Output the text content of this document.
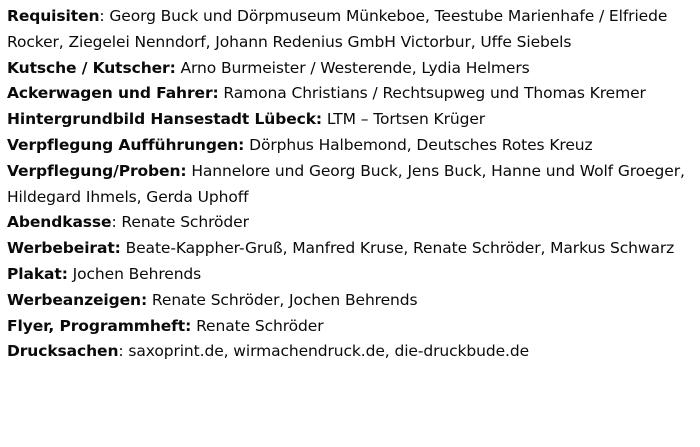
Requisiten: Georg Buck und Dörpmuseum Münkeboe, Teestube Marienhafe / Elfriede Rocker, Ziegelei Nenndorf, Johann Redenius GmbH Victorbur, Uffe Siebels

Kutsche / Kutscher: Arno Burmeister / Westerende, Lydia Helmers

Ackerwagen und Fahrer: Ramona Christians / Rechtsupweg und Thomas Kremer

Hintergrundbild Hansestadt Lübeck: LTM – Tortsen Krüger

Verpflegung Aufführungen: Dörphus Halbemond, Deutsches Rotes Kreuz

Verpflegung/Proben: Hannelore und Georg Buck, Jens Buck, Hanne und Wolf Groeger, Hildegard Ihmels, Gerda Uphoff

Abendkasse: Renate Schröder

Werbebeirat: Beate-Kappher-Gruß, Manfred Kruse, Renate Schröder, Markus Schwarz

Plakat: Jochen Behrends

Werbeanzeigen: Renate Schröder, Jochen Behrends

Flyer, Programmheft: Renate Schröder

Drucksachen: saxoprint.de, wirmachendruck.de, die-druckbude.de
